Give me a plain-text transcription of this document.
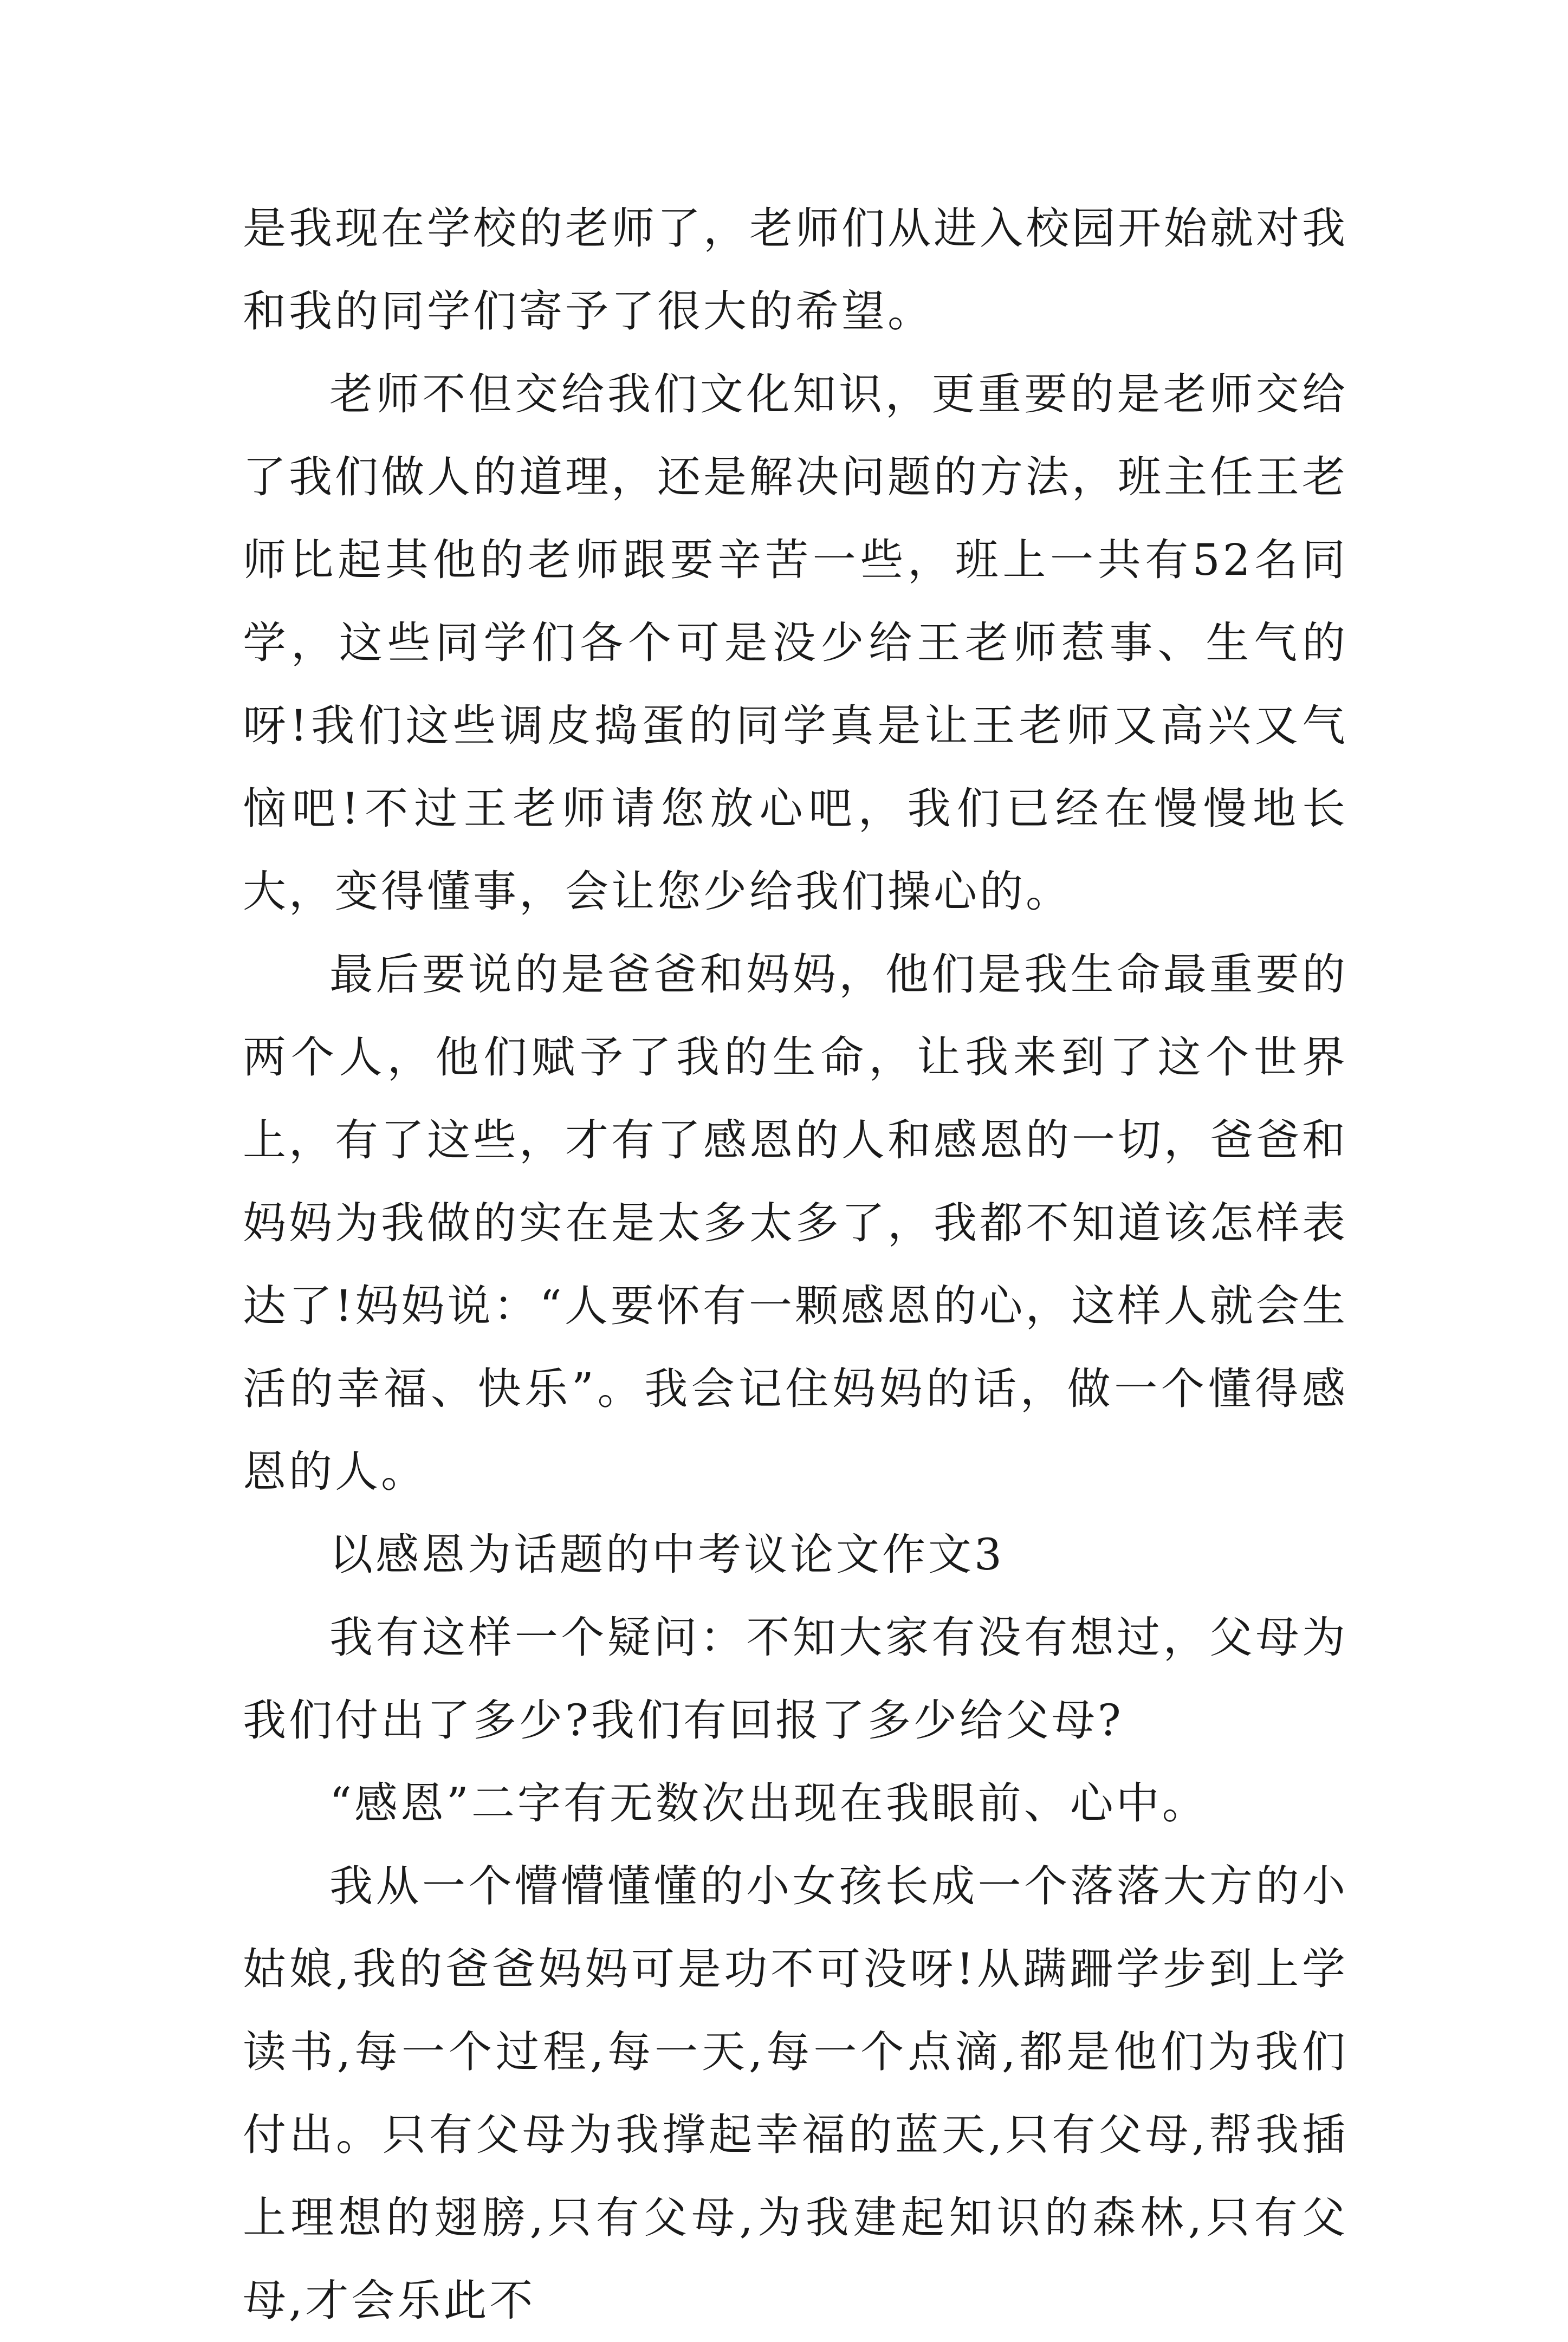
是我现在学校的老师了，老师们从进入校园开始就对我和我的同学们寄予了很大的希望。

老师不但交给我们文化知识，更重要的是老师交给了我们做人的道理，还是解决问题的方法，班主任王老师比起其他的老师跟要辛苦一些，班上一共有52名同学，这些同学们各个可是没少给王老师惹事、生气的呀!我们这些调皮捣蛋的同学真是让王老师又高兴又气恼吧!不过王老师请您放心吧，我们已经在慢慢地长大，变得懂事，会让您少给我们操心的。

最后要说的是爸爸和妈妈，他们是我生命最重要的两个人，他们赋予了我的生命，让我来到了这个世界上，有了这些，才有了感恩的人和感恩的一切，爸爸和妈妈为我做的实在是太多太多了，我都不知道该怎样表达了!妈妈说：“人要怀有一颗感恩的心，这样人就会生活的幸福、快乐”。我会记住妈妈的话，做一个懂得感恩的人。

以感恩为话题的中考议论文作文3

我有这样一个疑问：不知大家有没有想过，父母为我们付出了多少?我们有回报了多少给父母?

“感恩”二字有无数次出现在我眼前、心中。

我从一个懵懵懂懂的小女孩长成一个落落大方的小姑娘,我的爸爸妈妈可是功不可没呀!从蹒跚学步到上学读书,每一个过程,每一天,每一个点滴,都是他们为我们付出。只有父母为我撑起幸福的蓝天,只有父母,帮我插上理想的翅膀,只有父母,为我建起知识的森林,只有父母,才会乐此不
